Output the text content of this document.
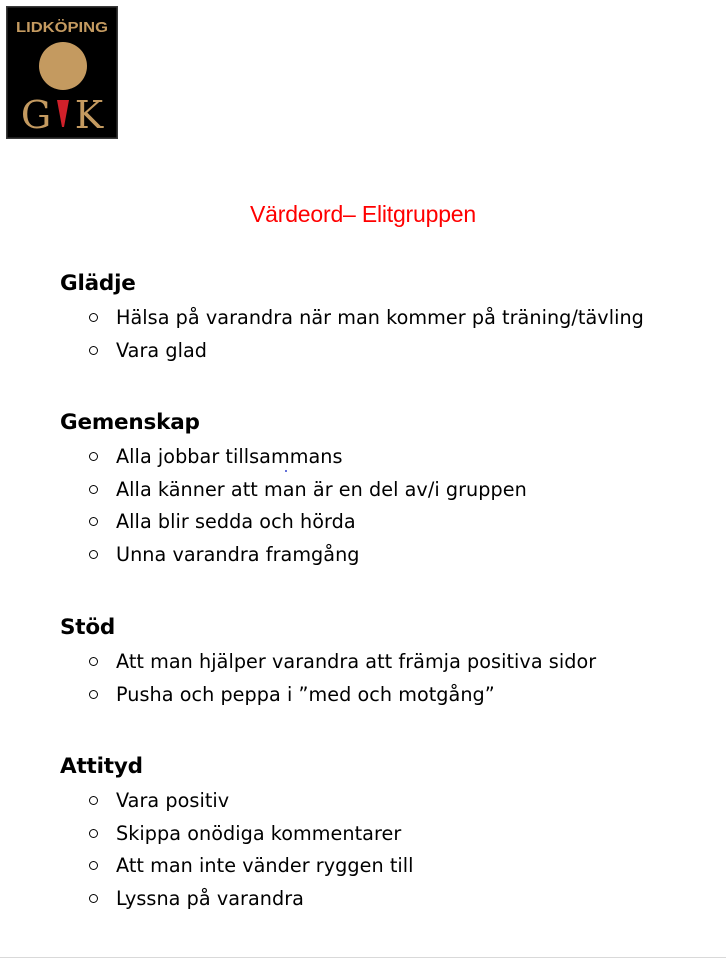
LIDKÖPING
G K
Värdeord– Elitgruppen
Glädje
Hälsa på varandra när man kommer på träning/tävling
Vara glad
Gemenskap
Alla jobbar tillsammans
Alla känner att man är en del av/i gruppen
Alla blir sedda och hörda
Unna varandra framgång
Stöd
Att man hjälper varandra att främja positiva sidor
Pusha och peppa i ”med och motgång”
Attityd
Vara positiv
Skippa onödiga kommentarer
Att man inte vänder ryggen till
Lyssna på varandra
